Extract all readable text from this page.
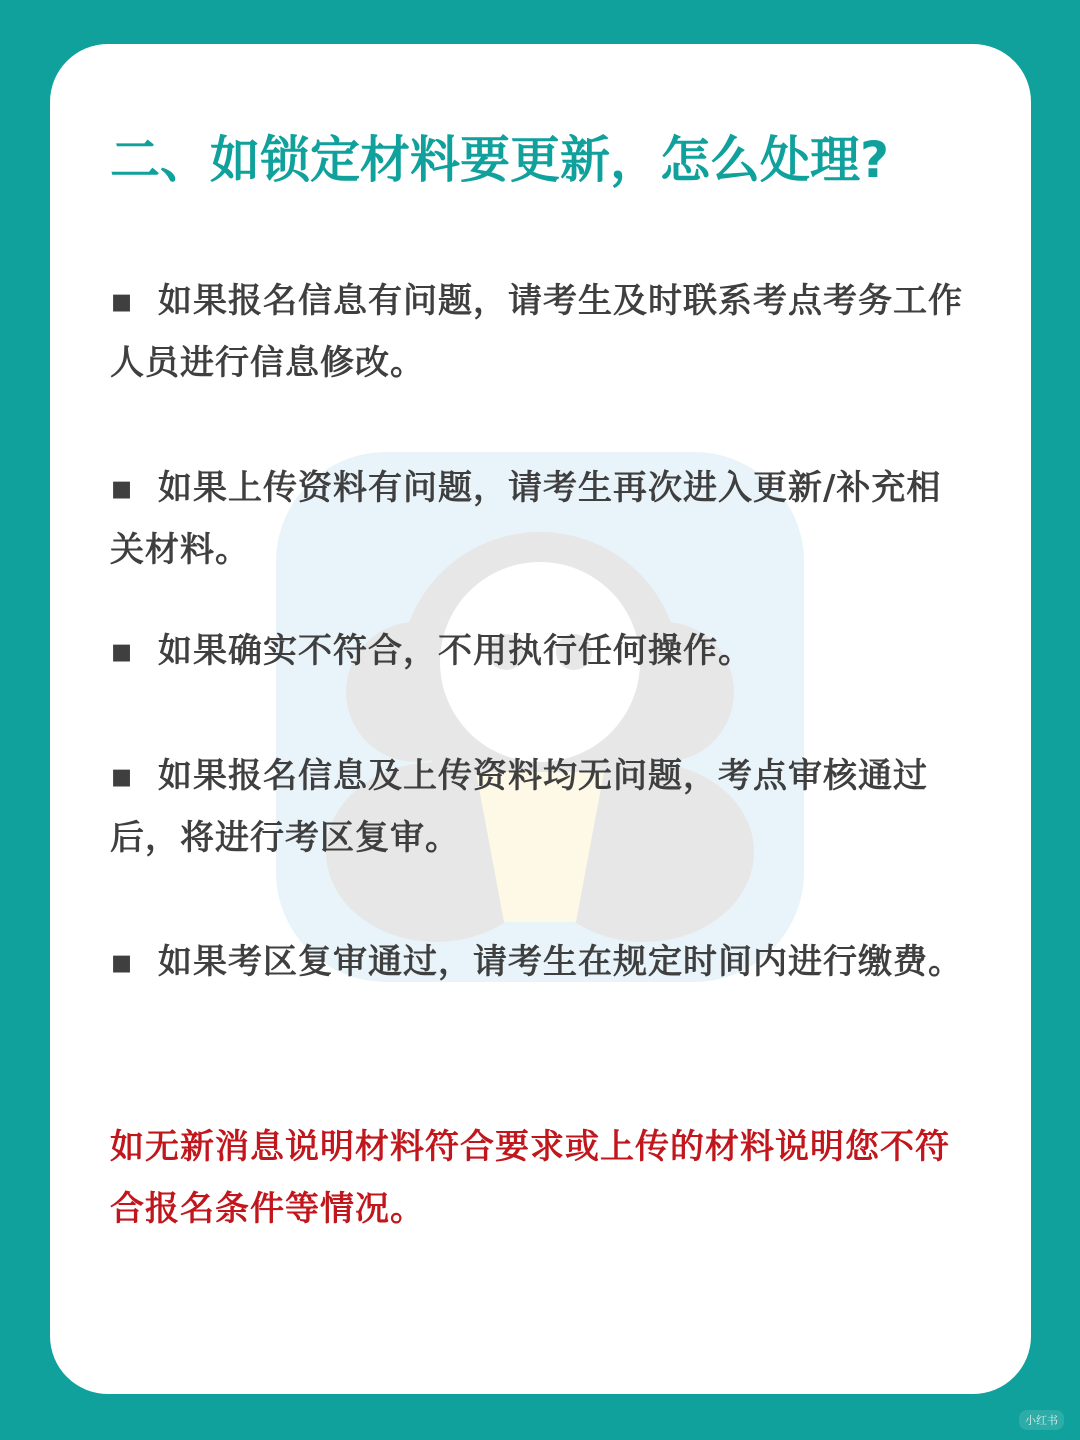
二、如锁定材料要更新，怎么处理?
▪ 如果报名信息有问题，请考生及时联系考点考务工作人员进行信息修改。
▪ 如果上传资料有问题，请考生再次进入更新/补充相关材料。
▪ 如果确实不符合，不用执行任何操作。
▪ 如果报名信息及上传资料均无问题，考点审核通过后，将进行考区复审。
▪ 如果考区复审通过，请考生在规定时间内进行缴费。
如无新消息说明材料符合要求或上传的材料说明您不符合报名条件等情况。
小红书
